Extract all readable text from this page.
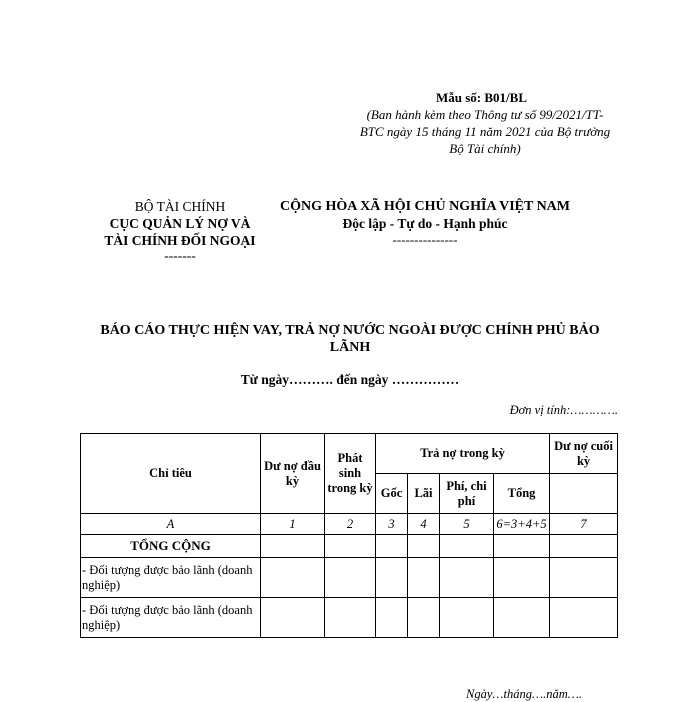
Mẫu số: B01/BL
(Ban hành kèm theo Thông tư số 99/2021/TT-
BTC ngày 15 tháng 11 năm 2021 của Bộ trưởng
Bộ Tài chính)
BỘ TÀI CHÍNH
CỤC QUẢN LÝ NỢ VÀ
TÀI CHÍNH ĐỐI NGOẠI
-------
CỘNG HÒA XÃ HỘI CHỦ NGHĨA VIỆT NAM
Độc lập - Tự do - Hạnh phúc
---------------
BÁO CÁO THỰC HIỆN VAY, TRẢ NỢ NƯỚC NGOÀI ĐƯỢC CHÍNH PHỦ BẢO LÃNH
Từ ngày………. đến ngày ……………
Đơn vị tính:………….
Chỉ tiêu	Dư nợ đầu kỳ	Phát sinh trong kỳ	Trả nợ trong kỳ				Dư nợ cuối kỳ
			Gốc	Lãi	Phí, chi phí	Tổng	
A	1	2	3	4	5	6=3+4+5	7
TỔNG CỘNG							
- Đối tượng được bảo lãnh (doanh nghiệp)							
- Đối tượng được bảo lãnh (doanh nghiệp)							
Ngày…tháng….năm….
